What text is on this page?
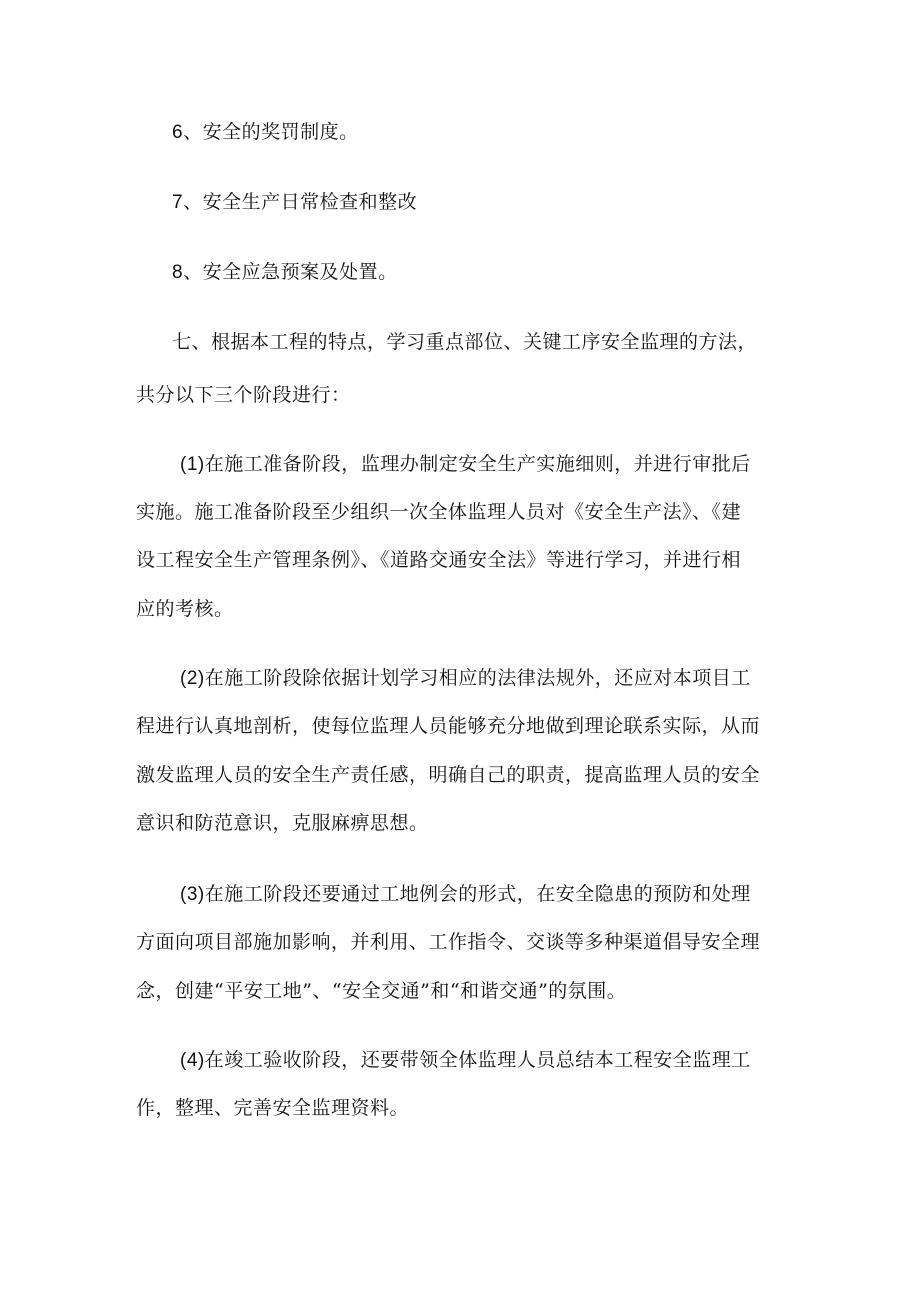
6、安全的奖罚制度。
7、安全生产日常检查和整改
8、安全应急预案及处置。
七、根据本工程的特点，学习重点部位、关键工序安全监理的方法，
共分以下三个阶段进行：
(1)在施工准备阶段，监理办制定安全生产实施细则，并进行审批后
实施。施工准备阶段至少组织一次全体监理人员对《安全生产法》、《建
设工程安全生产管理条例》、《道路交通安全法》等进行学习，并进行相
应的考核。
(2)在施工阶段除依据计划学习相应的法律法规外，还应对本项目工
程进行认真地剖析，使每位监理人员能够充分地做到理论联系实际，从而
激发监理人员的安全生产责任感，明确自己的职责，提高监理人员的安全
意识和防范意识，克服麻痹思想。
(3)在施工阶段还要通过工地例会的形式，在安全隐患的预防和处理
方面向项目部施加影响，并利用、工作指令、交谈等多种渠道倡导安全理
念，创建“平安工地”、“安全交通”和“和谐交通”的氛围。
(4)在竣工验收阶段，还要带领全体监理人员总结本工程安全监理工
作，整理、完善安全监理资料。
